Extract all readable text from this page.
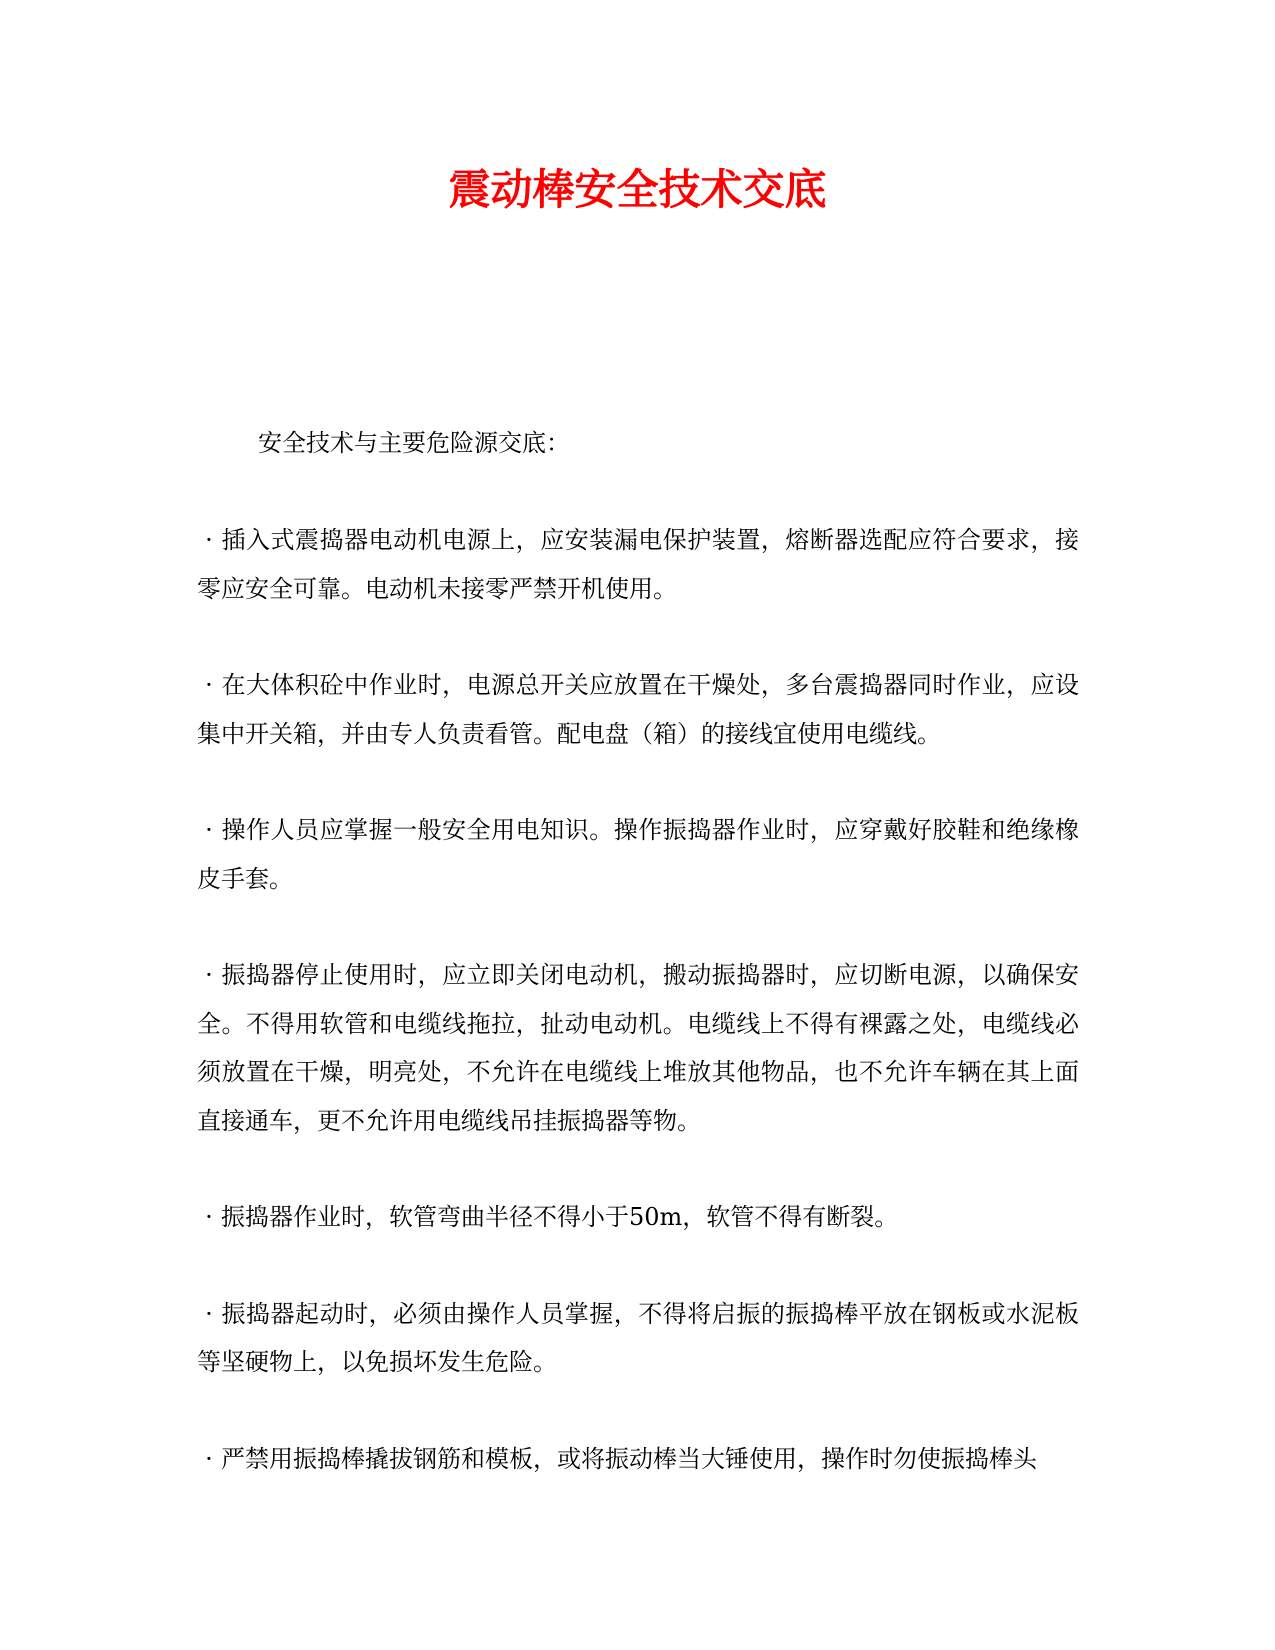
震动棒安全技术交底

安全技术与主要危险源交底：

· 插入式震捣器电动机电源上，应安装漏电保护装置，熔断器选配应符合要求，接零应安全可靠。电动机未接零严禁开机使用。
· 在大体积砼中作业时，电源总开关应放置在干燥处，多台震捣器同时作业，应设集中开关箱，并由专人负责看管。配电盘（箱）的接线宜使用电缆线。
· 操作人员应掌握一般安全用电知识。操作振捣器作业时，应穿戴好胶鞋和绝缘橡皮手套。
· 振捣器停止使用时，应立即关闭电动机，搬动振捣器时，应切断电源，以确保安全。不得用软管和电缆线拖拉，扯动电动机。电缆线上不得有裸露之处，电缆线必须放置在干燥，明亮处，不允许在电缆线上堆放其他物品，也不允许车辆在其上面直接通车，更不允许用电缆线吊挂振捣器等物。
· 振捣器作业时，软管弯曲半径不得小于50m，软管不得有断裂。
· 振捣器起动时，必须由操作人员掌握，不得将启振的振捣棒平放在钢板或水泥板等坚硬物上，以免损坏发生危险。
· 严禁用振捣棒撬拔钢筋和模板，或将振动棒当大锤使用，操作时勿使振捣棒头
